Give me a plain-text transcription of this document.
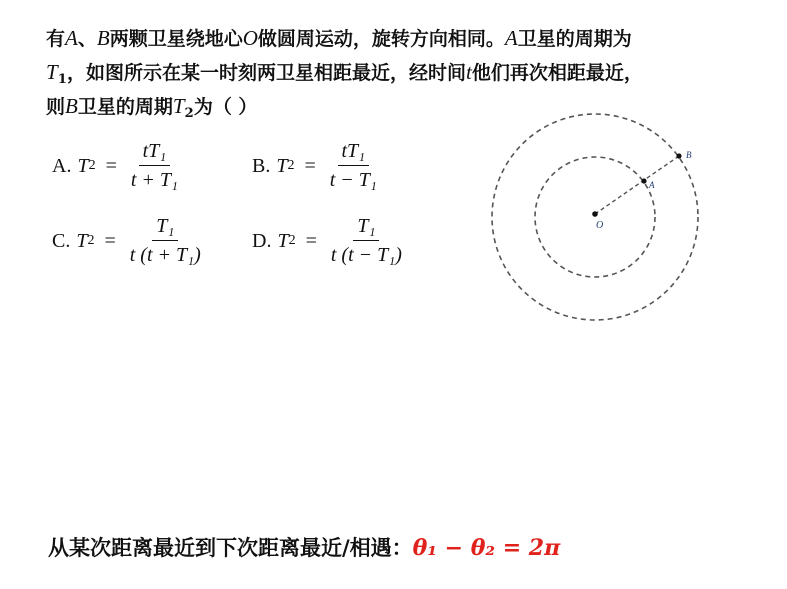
有A、B两颗卫星绕地心O做圆周运动，旋转方向相同。A卫星的周期为
$T_1$，如图所示在某一时刻两卫星相距最近，经时间t他们再次相距最近，
则B卫星的周期$T_2$为（ ）
A. T $2 = \frac{\text{tT₁}}{\text{t + T₁}}$	B. T $2 = \frac{\text{tT₁}}{\text{t − T₁}}$
C. T $2 = \frac{\text{T₁}}{\text{t (t + T₁)}} D$. T $2 = \frac{\text{T₁}}{\text{t (t − T₁)}}$	O
A
B
从某次距离最近到下次距离最近/相遇：θ₁ − θ₂ = 2π
